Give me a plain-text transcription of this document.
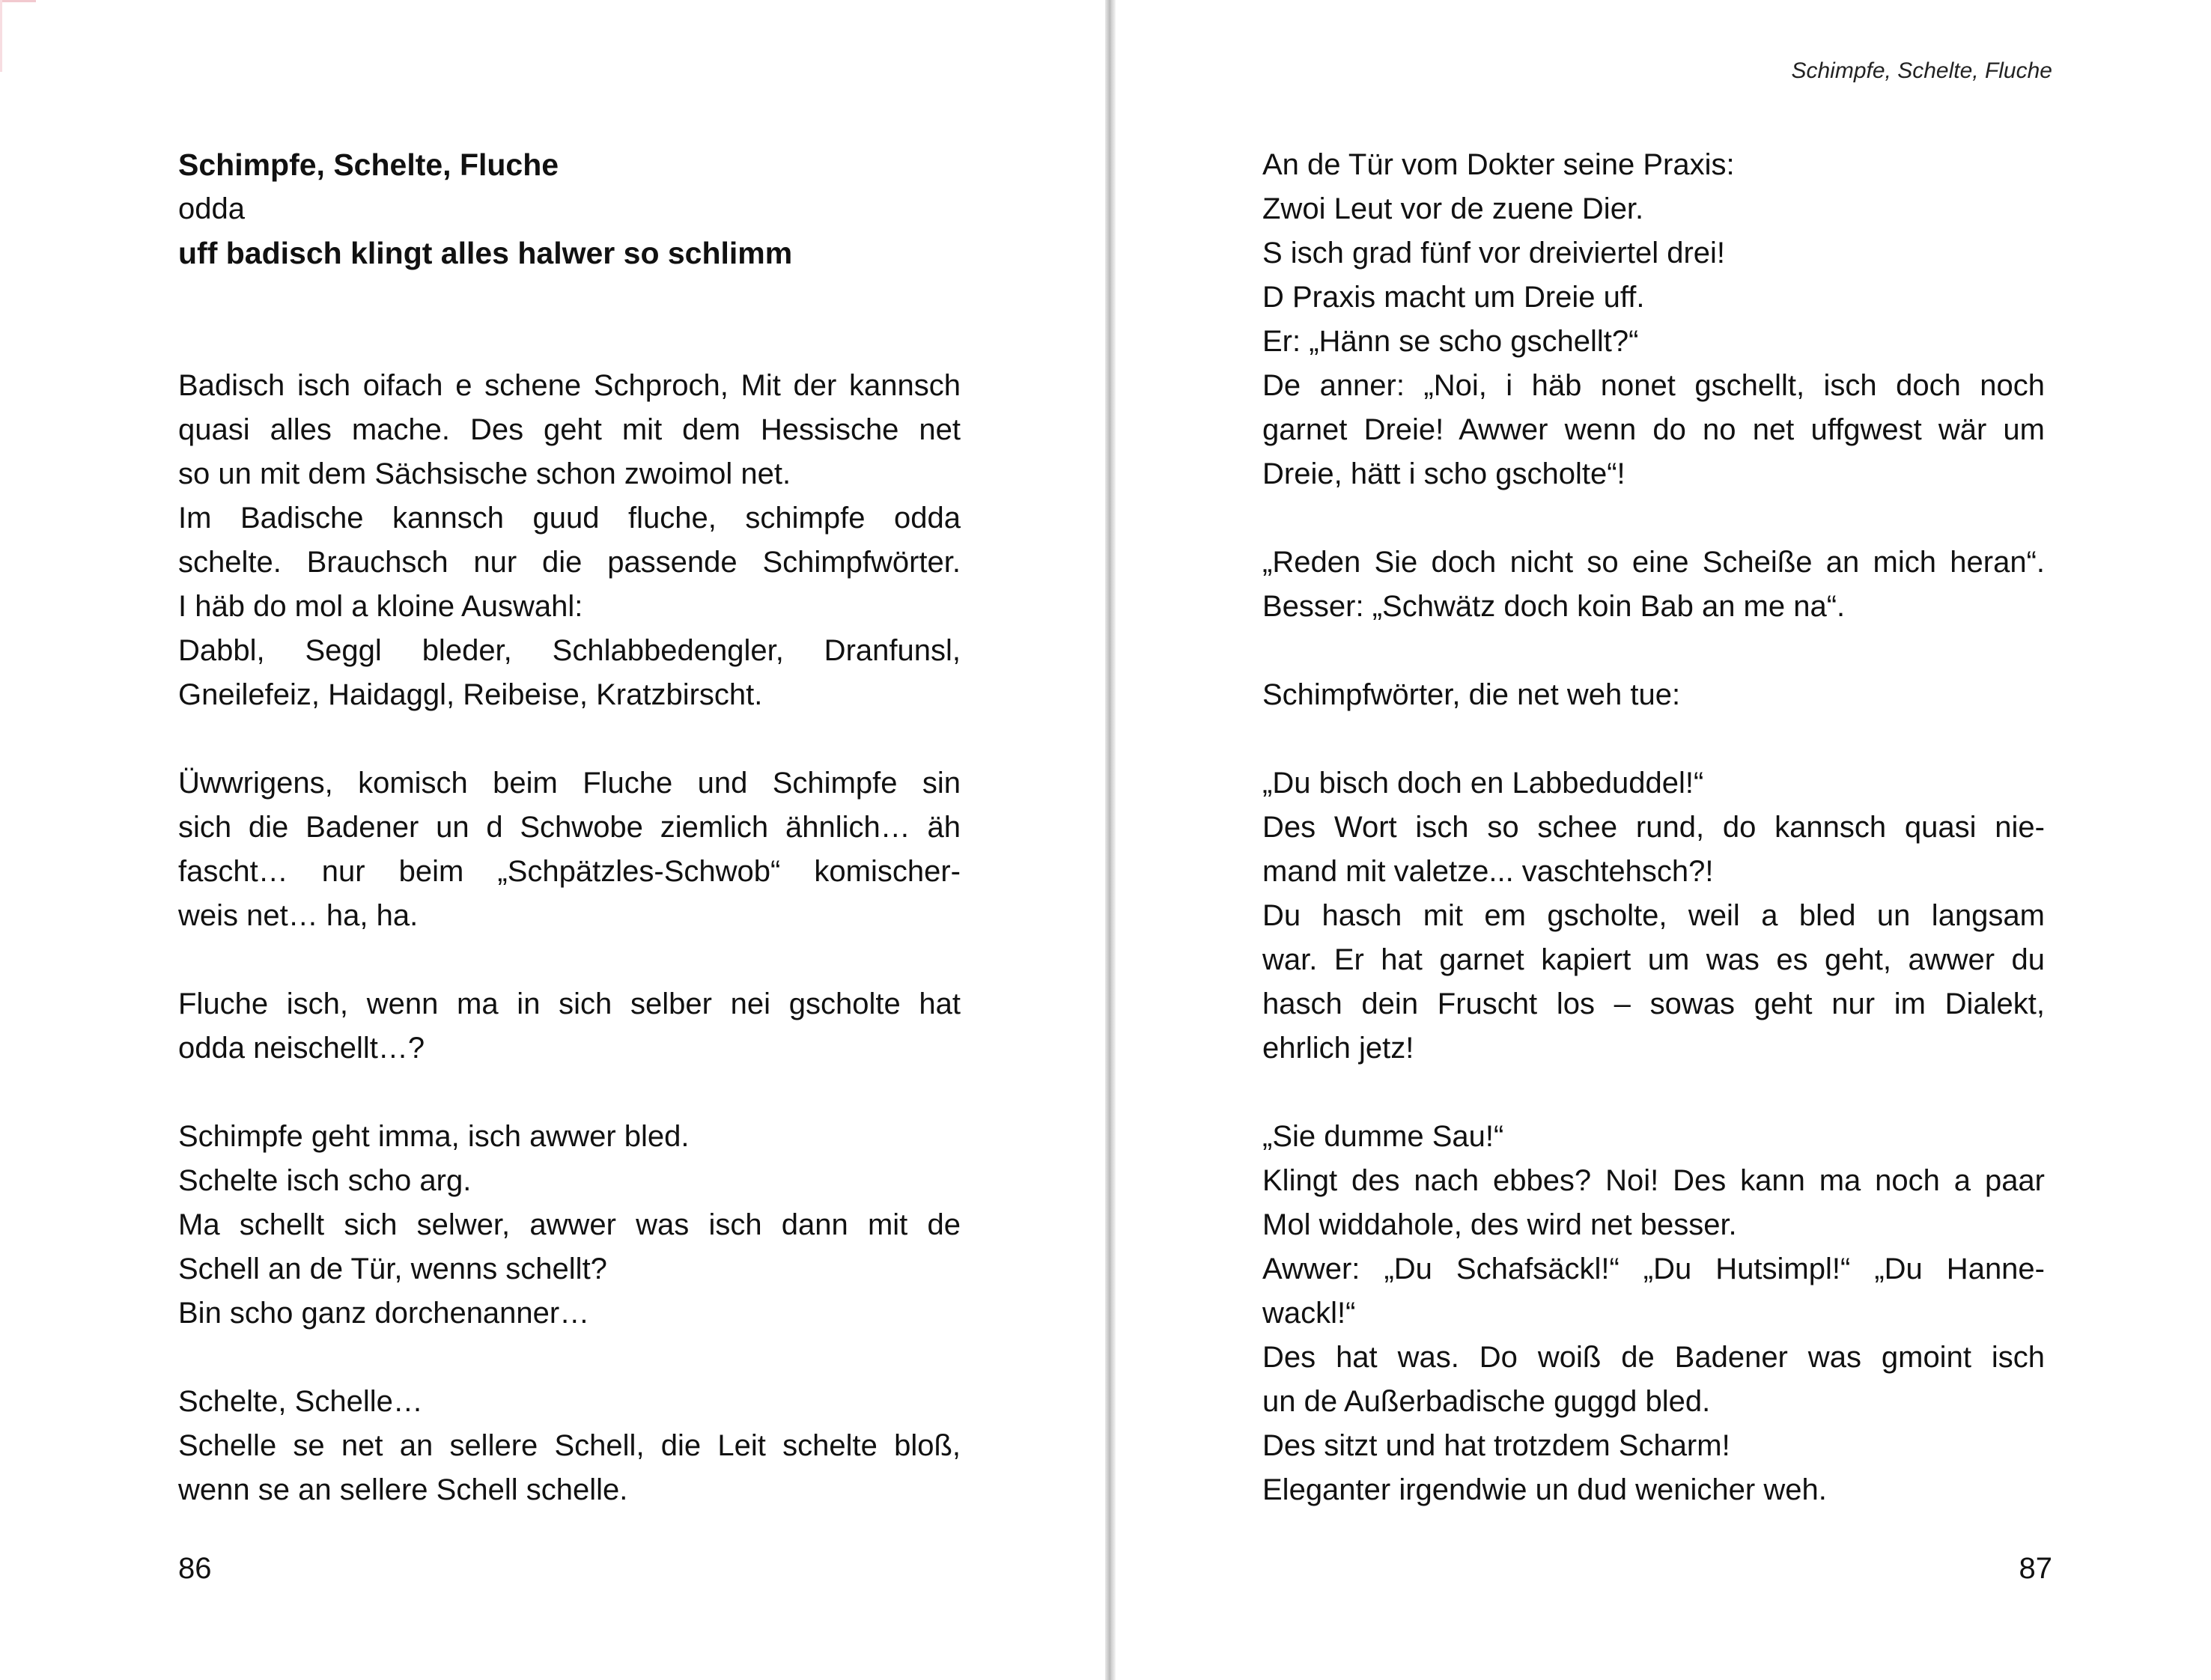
Schimpfe, Schelte, Fluche
odda
uff badisch klingt alles halwer so schlimm
Badisch isch oifach e schene Schproch, Mit der kannsch
quasi alles mache. Des geht mit dem Hessische net
so un mit dem Sächsische schon zwoimol net.
Im Badische kannsch guud fluche, schimpfe odda
schelte. Brauchsch nur die passende Schimpfwörter.
I häb do mol a kloine Auswahl:
Dabbl, Seggl bleder, Schlabbedengler, Dranfunsl,
Gneilefeiz, Haidaggl, Reibeise, Kratzbirscht.
Üwwrigens, komisch beim Fluche und Schimpfe sin
sich die Badener un d Schwobe ziemlich ähnlich… äh
fascht… nur beim „Schpätzles-Schwob“ komischer-
weis net… ha, ha.
Fluche isch, wenn ma in sich selber nei gscholte hat
odda neischellt…?
Schimpfe geht imma, isch awwer bled.
Schelte isch scho arg.
Ma schellt sich selwer, awwer was isch dann mit de
Schell an de Tür, wenns schellt?
Bin scho ganz dorchenanner…
Schelte, Schelle…
Schelle se net an sellere Schell, die Leit schelte bloß,
wenn se an sellere Schell schelle.
86
Schimpfe, Schelte, Fluche
An de Tür vom Dokter seine Praxis:
Zwoi Leut vor de zuene Dier.
S isch grad fünf vor dreiviertel drei!
D Praxis macht um Dreie uff.
Er: „Hänn se scho gschellt?“
De anner: „Noi, i häb nonet gschellt, isch doch noch
garnet Dreie! Awwer wenn do no net uffgwest wär um
Dreie, hätt i scho gscholte“!
„Reden Sie doch nicht so eine Scheiße an mich heran“.
Besser: „Schwätz doch koin Bab an me na“.
Schimpfwörter, die net weh tue:
„Du bisch doch en Labbeduddel!“
Des Wort isch so schee rund, do kannsch quasi nie-
mand mit valetze... vaschtehsch?!
Du hasch mit em gscholte, weil a bled un langsam
war. Er hat garnet kapiert um was es geht, awwer du
hasch dein Fruscht los – sowas geht nur im Dialekt,
ehrlich jetz!
„Sie dumme Sau!“
Klingt des nach ebbes? Noi! Des kann ma noch a paar
Mol widdahole, des wird net besser.
Awwer: „Du Schafsäckl!“ „Du Hutsimpl!“ „Du Hanne-
wackl!“
Des hat was. Do woiß de Badener was gmoint isch
un de Außerbadische guggd bled.
Des sitzt und hat trotzdem Scharm!
Eleganter irgendwie un dud wenicher weh.
87
